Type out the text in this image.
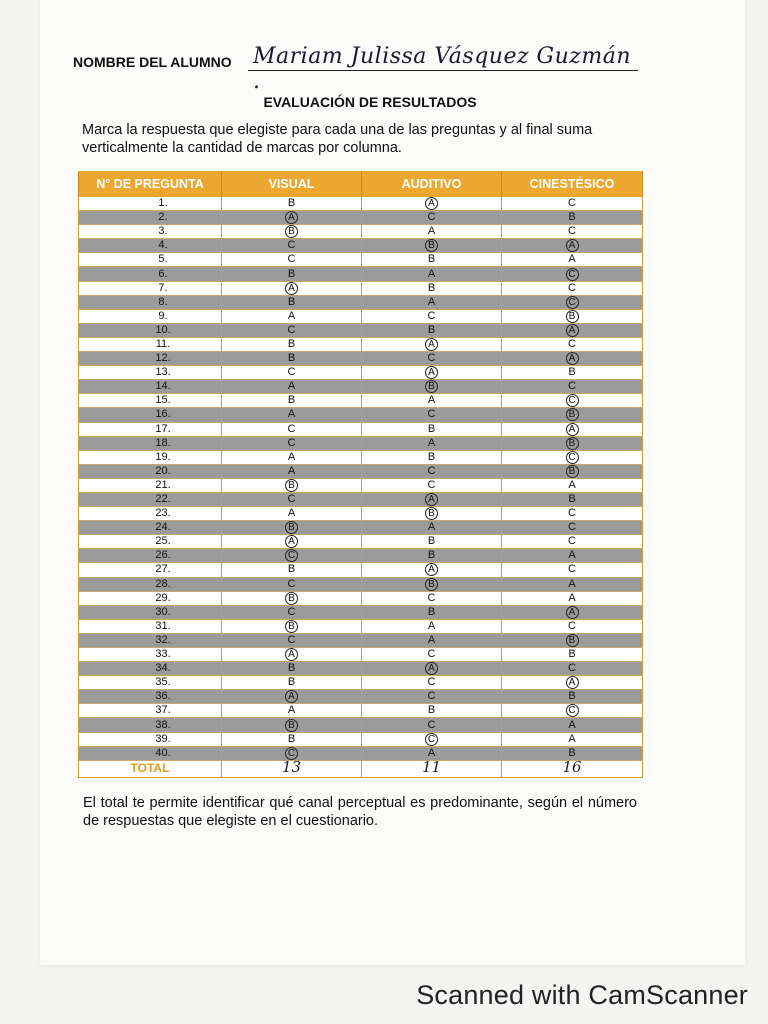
NOMBRE DEL ALUMNO Mariam Julissa Vásquez Guzmán .
EVALUACIÓN DE RESULTADOS
Marca la respuesta que elegiste para cada una de las preguntas y al final suma verticalmente la cantidad de marcas por columna.
N° DE PREGUNTA	VISUAL	AUDITIVO	CINESTÉSICO
1.	B	A	C
2.	A	C	B
3.	B	A	C
4.	C	B	A
5.	C	B	A
6.	B	A	C
7.	A	B	C
8.	B	A	C
9.	A	C	B
10.	C	B	A
11.	B	A	C
12.	B	C	A
13.	C	A	B
14.	A	B	C
15.	B	A	C
16.	A	C	B
17.	C	B	A
18.	C	A	B
19.	A	B	C
20.	A	C	B
21.	B	C	A
22.	C	A	B
23.	A	B	C
24.	B	A	C
25.	A	B	C
26.	C	B	A
27.	B	A	C
28.	C	B	A
29.	B	C	A
30.	C	B	A
31.	B	A	C
32.	C	A	B
33.	A	C	B
34.	B	A	C
35.	B	C	A
36.	A	C	B
37.	A	B	C
38.	B	C	A
39.	B	C	A
40.	C	A	B
TOTAL	13	11	16
El total te permite identificar qué canal perceptual es predominante, según el número de respuestas que elegiste en el cuestionario.
Scanned with CamScanner
